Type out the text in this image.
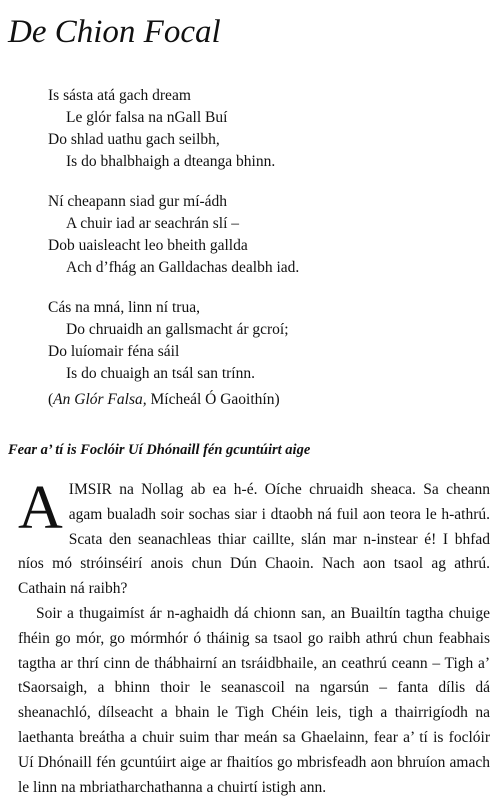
De Chion Focal
Is sásta atá gach dream
Le glór falsa na nGall Buí
Do shlad uathu gach seilbh,
Is do bhalbhaigh a dteanga bhinn.
Ní cheapann siad gur mí-ádh
A chuir iad ar seachrán slí –
Dob uaisleacht leo bheith gallda
Ach d’fhág an Galldachas dealbh iad.
Cás na mná, linn ní trua,
Do chruaidh an gallsmacht ár gcroí;
Do luíomair féna sáil
Is do chuaigh an tsál san trínn.
(An Glór Falsa, Mícheál Ó Gaoithín)
Fear a’ tí is Foclóir Uí Dhónaill fén gcuntúirt aige

AIMSIR na Nollag ab ea h-é. Oíche chruaidh sheaca. Sa cheann agam bualadh soir sochas siar i dtaobh ná fuil aon teora le h-athrú. Scata den seanachleas thiar caillte, slán mar n-instear é! I bhfad níos mó stróinséirí anois chun Dún Chaoin. Nach aon tsaol ag athrú. Cathain ná raibh?

Soir a thugaimíst ár n-aghaidh dá chionn san, an Buailtín tagtha chuige fhéin go mór, go mórmhór ó tháinig sa tsaol go raibh athrú chun feabhais tagtha ar thrí cinn de thábhairní an tsráidbhaile, an ceathrú ceann – Tigh a’ tSaorsaigh, a bhinn thoir le seanascoil na ngarsún – fanta dílis dá sheanachló, dílseacht a bhain le Tigh Chéin leis, tigh a thairrigíodh na laethanta breátha a chuir suim thar meán sa Ghaelainn, fear a’ tí is foclóir Uí Dhónaill fén gcuntúirt aige ar fhaitíos go mbrisfeadh aon bhruíon amach le linn na mbriatharchathanna a chuirtí istigh ann.
